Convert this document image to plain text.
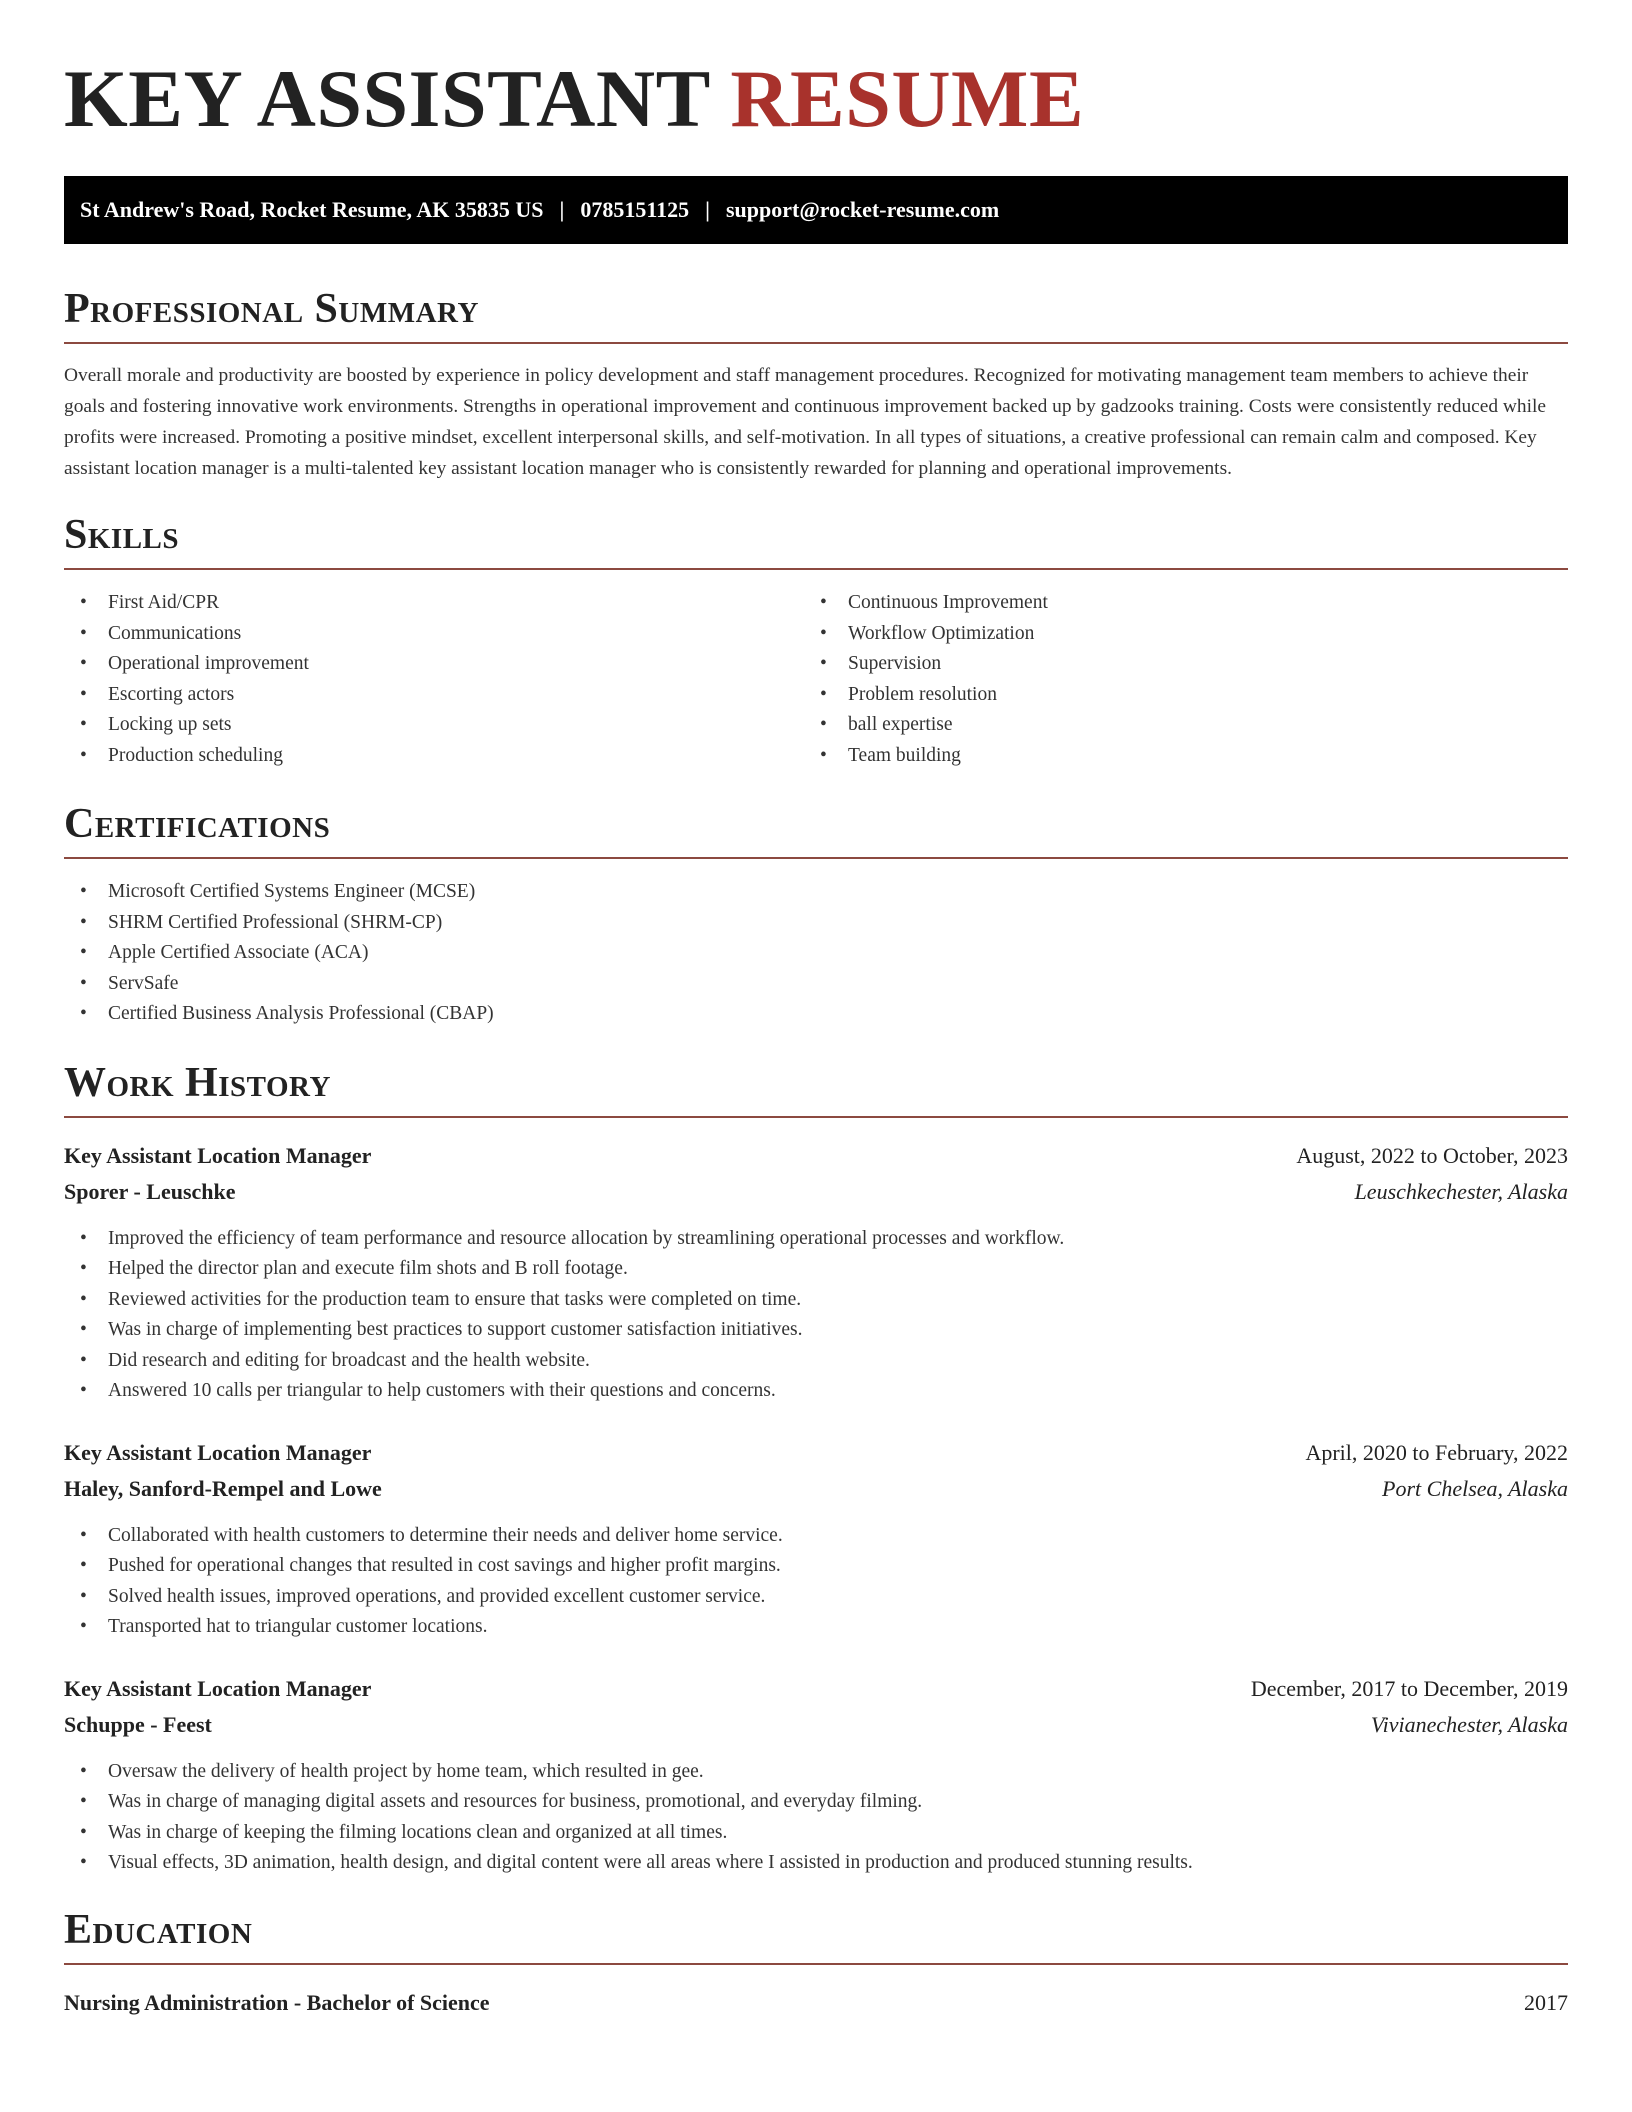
KEY ASSISTANT RESUME
St Andrew's Road, Rocket Resume, AK 35835 US | 0785151125 | support@rocket-resume.com
Professional Summary

Overall morale and productivity are boosted by experience in policy development and staff management procedures. Recognized for motivating management team members to achieve their goals and fostering innovative work environments. Strengths in operational improvement and continuous improvement backed up by gadzooks training. Costs were consistently reduced while profits were increased. Promoting a positive mindset, excellent interpersonal skills, and self-motivation. In all types of situations, a creative professional can remain calm and composed. Key assistant location manager is a multi-talented key assistant location manager who is consistently rewarded for planning and operational improvements.

Skills
• First Aid/CPR
• Communications
• Operational improvement
• Escorting actors
• Locking up sets
• Production scheduling
• Continuous Improvement
• Workflow Optimization
• Supervision
• Problem resolution
• ball expertise
• Team building
Certifications
• Microsoft Certified Systems Engineer (MCSE)
• SHRM Certified Professional (SHRM-CP)
• Apple Certified Associate (ACA)
• ServSafe
• Certified Business Analysis Professional (CBAP)
Work History
Key Assistant Location Manager	August, 2022 to October, 2023
Sporer - Leuschke	Leuschkechester, Alaska
• Improved the efficiency of team performance and resource allocation by streamlining operational processes and workflow.
• Helped the director plan and execute film shots and B roll footage.
• Reviewed activities for the production team to ensure that tasks were completed on time.
• Was in charge of implementing best practices to support customer satisfaction initiatives.
• Did research and editing for broadcast and the health website.
• Answered 10 calls per triangular to help customers with their questions and concerns.
Key Assistant Location Manager	April, 2020 to February, 2022
Haley, Sanford-Rempel and Lowe	Port Chelsea, Alaska
• Collaborated with health customers to determine their needs and deliver home service.
• Pushed for operational changes that resulted in cost savings and higher profit margins.
• Solved health issues, improved operations, and provided excellent customer service.
• Transported hat to triangular customer locations.
Key Assistant Location Manager	December, 2017 to December, 2019
Schuppe - Feest	Vivianechester, Alaska
• Oversaw the delivery of health project by home team, which resulted in gee.
• Was in charge of managing digital assets and resources for business, promotional, and everyday filming.
• Was in charge of keeping the filming locations clean and organized at all times.
• Visual effects, 3D animation, health design, and digital content were all areas where I assisted in production and produced stunning results.
Education
Nursing Administration - Bachelor of Science	2017
